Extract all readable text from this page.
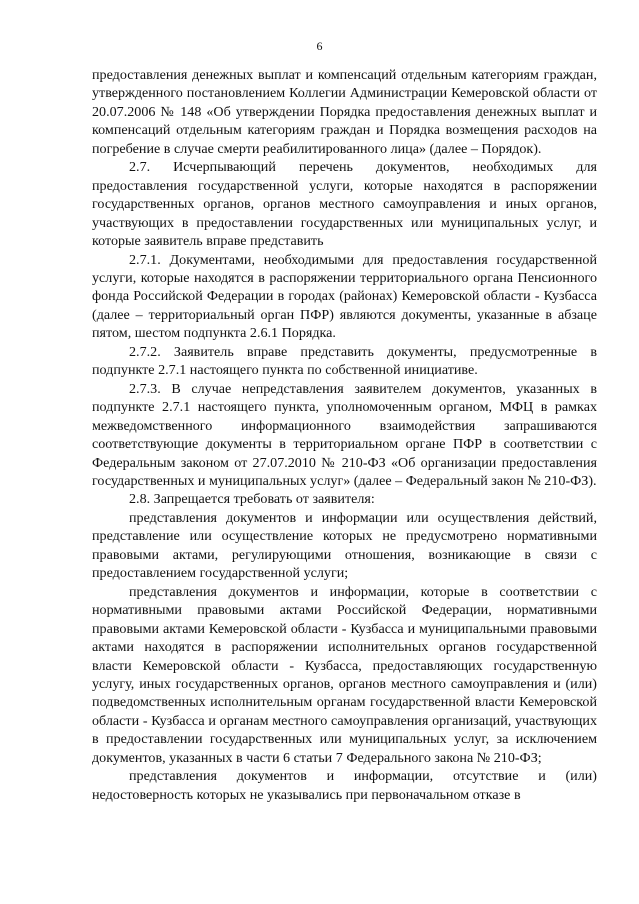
6

предоставления денежных выплат и компенсаций отдельным категориям граждан, утвержденного постановлением Коллегии Администрации Кемеровской области от 20.07.2006 № 148 «Об утверждении Порядка предоставления денежных выплат и компенсаций отдельным категориям граждан и Порядка возмещения расходов на погребение в случае смерти реабилитированного лица» (далее – Порядок).

2.7. Исчерпывающий перечень документов, необходимых для предоставления государственной услуги, которые находятся в распоряжении государственных органов, органов местного самоуправления и иных органов, участвующих в предоставлении государственных или муниципальных услуг, и которые заявитель вправе представить

2.7.1. Документами, необходимыми для предоставления государственной услуги, которые находятся в распоряжении территориального органа Пенсионного фонда Российской Федерации в городах (районах) Кемеровской области - Кузбасса (далее – территориальный орган ПФР) являются документы, указанные в абзаце пятом, шестом подпункта 2.6.1 Порядка.

2.7.2. Заявитель вправе представить документы, предусмотренные в подпункте 2.7.1 настоящего пункта по собственной инициативе.

2.7.3. В случае непредставления заявителем документов, указанных в подпункте 2.7.1 настоящего пункта, уполномоченным органом, МФЦ в рамках межведомственного информационного взаимодействия запрашиваются соответствующие документы в территориальном органе ПФР в соответствии с Федеральным законом от 27.07.2010 № 210-ФЗ «Об организации предоставления государственных и муниципальных услуг» (далее – Федеральный закон № 210-ФЗ).

2.8. Запрещается требовать от заявителя:

представления документов и информации или осуществления действий, представление или осуществление которых не предусмотрено нормативными правовыми актами, регулирующими отношения, возникающие в связи с предоставлением государственной услуги;

представления документов и информации, которые в соответствии с нормативными правовыми актами Российской Федерации, нормативными правовыми актами Кемеровской области - Кузбасса и муниципальными правовыми актами находятся в распоряжении исполнительных органов государственной власти Кемеровской области - Кузбасса, предоставляющих государственную услугу, иных государственных органов, органов местного самоуправления и (или) подведомственных исполнительным органам государственной власти Кемеровской области - Кузбасса и органам местного самоуправления организаций, участвующих в предоставлении государственных или муниципальных услуг, за исключением документов, указанных в части 6 статьи 7 Федерального закона № 210-ФЗ;

представления документов и информации, отсутствие и (или) недостоверность которых не указывались при первоначальном отказе в
